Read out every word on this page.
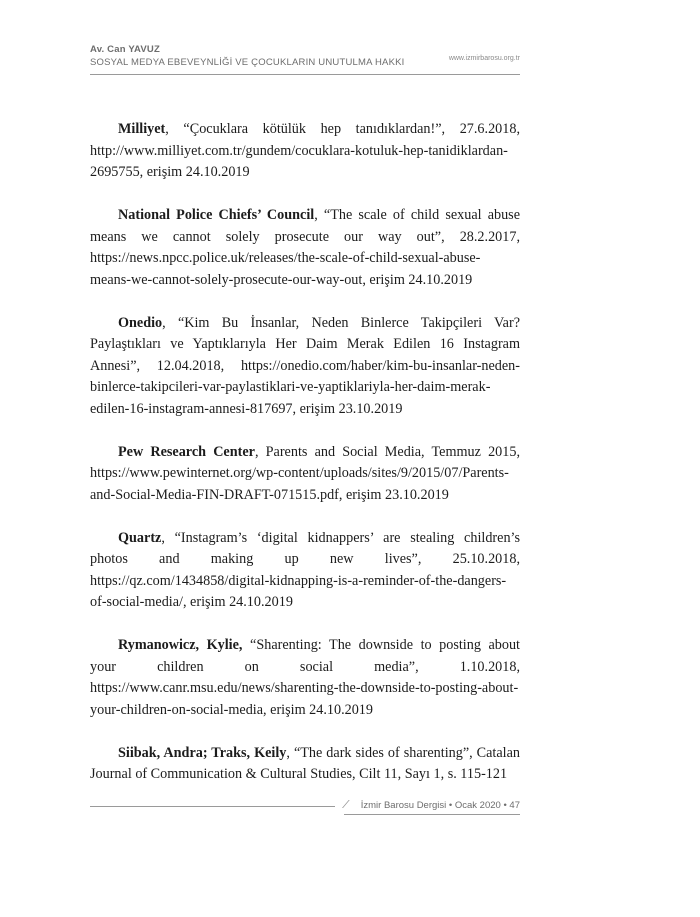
Av. Can YAVUZ
SOSYAL MEDYA EBEVEYNLİĞİ VE ÇOCUKLARIN UNUTULMA HAKKI	www.izmirbarosu.org.tr

Milliyet, “Çocuklara kötülük hep tanıdıklardan!”, 27.6.2018, http://www.milliyet.com.tr/gundem/cocuklara-kotuluk-hep-tanidiklardan-2695755, erişim 24.10.2019

National Police Chiefs’ Council, “The scale of child sexual abuse means we cannot solely prosecute our way out”, 28.2.2017, https://news.npcc.police.uk/releases/the-scale-of-child-sexual-abuse-means-we-cannot-solely-prosecute-our-way-out, erişim 24.10.2019

Onedio, “Kim Bu İnsanlar, Neden Binlerce Takipçileri Var? Paylaştıkları ve Yaptıklarıyla Her Daim Merak Edilen 16 Instagram Annesi”, 12.04.2018, https://onedio.com/haber/kim-bu-insanlar-neden-binlerce-takipcileri-var-paylastiklari-ve-yaptiklariyla-her-daim-merak-edilen-16-instagram-annesi-817697, erişim 23.10.2019

Pew Research Center, Parents and Social Media, Temmuz 2015, https://www.pewinternet.org/wp-content/uploads/sites/9/2015/07/Parents-and-Social-Media-FIN-DRAFT-071515.pdf, erişim 23.10.2019

Quartz, “Instagram’s ‘digital kidnappers’ are stealing children’s photos and making up new lives”, 25.10.2018, https://qz.com/1434858/digital-kidnapping-is-a-reminder-of-the-dangers-of-social-media/, erişim 24.10.2019

Rymanowicz, Kylie, “Sharenting: The downside to posting about your children on social media”, 1.10.2018, https://www.canr.msu.edu/news/sharenting-the-downside-to-posting-about-your-children-on-social-media, erişim 24.10.2019

Siibak, Andra; Traks, Keily, “The dark sides of sharenting”, Catalan Journal of Communication & Cultural Studies, Cilt 11, Sayı 1, s. 115-121

İzmir Barosu Dergisi • Ocak 2020 • 47
